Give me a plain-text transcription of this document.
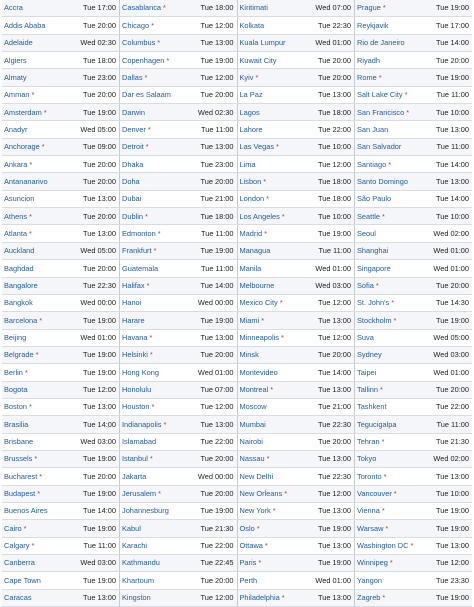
Accra	Tue 17:00	Casablanca *	Tue 18:00	Kiritimati	Wed 07:00	Prague *	Tue 19:00
Addis Ababa	Tue 20:00	Chicago *	Tue 12:00	Kolkata	Tue 22:30	Reykjavik	Tue 17:00
Adelaide	Wed 02:30	Columbus *	Tue 13:00	Kuala Lumpur	Wed 01:00	Rio de Janeiro	Tue 14:00
Algiers	Tue 18:00	Copenhagen *	Tue 19:00	Kuwait City	Tue 20:00	Riyadh	Tue 20:00
Almaty	Tue 23:00	Dallas *	Tue 12:00	Kyiv *	Tue 20:00	Rome *	Tue 19:00
Amman *	Tue 20:00	Dar es Salaam	Tue 20:00	La Paz	Tue 13:00	Salt Lake City *	Tue 11:00
Amsterdam *	Tue 19:00	Darwin	Wed 02:30	Lagos	Tue 18:00	San Francisco *	Tue 10:00
Anadyr	Wed 05:00	Denver *	Tue 11:00	Lahore	Tue 22:00	San Juan	Tue 13:00
Anchorage *	Tue 09:00	Detroit *	Tue 13:00	Las Vegas *	Tue 10:00	San Salvador	Tue 11:00
Ankara *	Tue 20:00	Dhaka	Tue 23:00	Lima	Tue 12:00	Santiago *	Tue 14:00
Antananarivo	Tue 20:00	Doha	Tue 20:00	Lisbon *	Tue 18:00	Santo Domingo	Tue 13:00
Asuncion	Tue 13:00	Dubai	Tue 21:00	London *	Tue 18:00	São Paulo	Tue 14:00
Athens *	Tue 20:00	Dublin *	Tue 18:00	Los Angeles *	Tue 10:00	Seattle *	Tue 10:00
Atlanta *	Tue 13:00	Edmonton *	Tue 11:00	Madrid *	Tue 19:00	Seoul	Wed 02:00
Auckland	Wed 05:00	Frankfurt *	Tue 19:00	Managua	Tue 11:00	Shanghai	Wed 01:00
Baghdad	Tue 20:00	Guatemala	Tue 11:00	Manila	Wed 01:00	Singapore	Wed 01:00
Bangalore	Tue 22:30	Halifax *	Tue 14:00	Melbourne	Wed 03:00	Sofia *	Tue 20:00
Bangkok	Wed 00:00	Hanoi	Wed 00:00	Mexico City *	Tue 12:00	St. John's *	Tue 14:30
Barcelona *	Tue 19:00	Harare	Tue 19:00	Miami *	Tue 13:00	Stockholm *	Tue 19:00
Beijing	Wed 01:00	Havana *	Tue 13:00	Minneapolis *	Tue 12:00	Suva	Wed 05:00
Belgrade *	Tue 19:00	Helsinki *	Tue 20:00	Minsk	Tue 20:00	Sydney	Wed 03:00
Berlin *	Tue 19:00	Hong Kong	Wed 01:00	Montevideo	Tue 14:00	Taipei	Wed 01:00
Bogota	Tue 12:00	Honolulu	Tue 07:00	Montreal *	Tue 13:00	Tallinn *	Tue 20:00
Boston *	Tue 13:00	Houston *	Tue 12:00	Moscow	Tue 21:00	Tashkent	Tue 22:00
Brasilia	Tue 14:00	Indianapolis *	Tue 13:00	Mumbai	Tue 22:30	Tegucigalpa	Tue 11:00
Brisbane	Wed 03:00	Islamabad	Tue 22:00	Nairobi	Tue 20:00	Tehran *	Tue 21:30
Brussels *	Tue 19:00	Istanbul *	Tue 20:00	Nassau *	Tue 13:00	Tokyo	Wed 02:00
Bucharest *	Tue 20:00	Jakarta	Wed 00:00	New Delhi	Tue 22:30	Toronto *	Tue 13:00
Budapest *	Tue 19:00	Jerusalem *	Tue 20:00	New Orleans *	Tue 12:00	Vancouver *	Tue 10:00
Buenos Aires	Tue 14:00	Johannesburg	Tue 19:00	New York *	Tue 13:00	Vienna *	Tue 19:00
Cairo *	Tue 19:00	Kabul	Tue 21:30	Oslo *	Tue 19:00	Warsaw *	Tue 19:00
Calgary *	Tue 11:00	Karachi	Tue 22:00	Ottawa *	Tue 13:00	Washington DC *	Tue 13:00
Canberra	Wed 03:00	Kathmandu	Tue 22:45	Paris *	Tue 19:00	Winnipeg *	Tue 12:00
Cape Town	Tue 19:00	Khartoum	Tue 20:00	Perth	Wed 01:00	Yangon	Tue 23:30
Caracas	Tue 13:00	Kingston	Tue 12:00	Philadelphia *	Tue 13:00	Zagreb *	Tue 19:00
